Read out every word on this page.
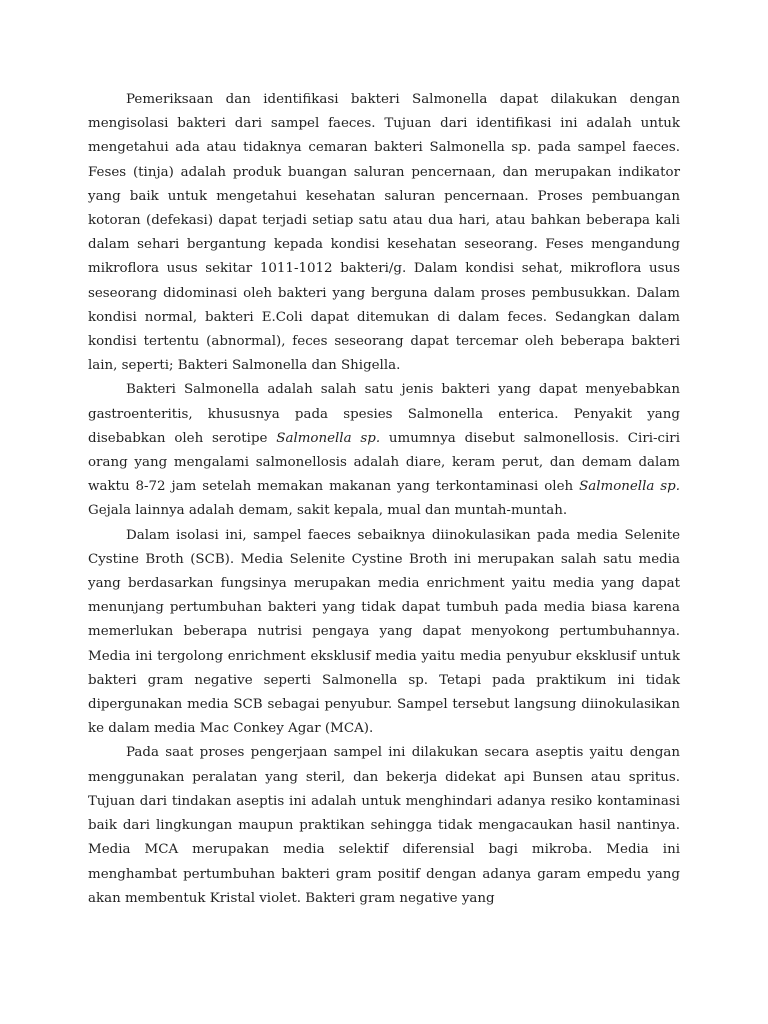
Pemeriksaan dan identifikasi bakteri Salmonella dapat dilakukan dengan mengisolasi bakteri dari sampel faeces. Tujuan dari identifikasi ini adalah untuk mengetahui ada atau tidaknya cemaran bakteri Salmonella sp. pada sampel faeces. Feses (tinja) adalah produk buangan saluran pencernaan, dan merupakan indikator yang baik untuk mengetahui kesehatan saluran pencernaan. Proses pembuangan kotoran (defekasi) dapat terjadi setiap satu atau dua hari, atau bahkan beberapa kali dalam sehari bergantung kepada kondisi kesehatan seseorang. Feses mengandung mikroflora usus sekitar 1011-1012 bakteri/g. Dalam kondisi sehat, mikroflora usus seseorang didominasi oleh bakteri yang berguna dalam proses pembusukkan. Dalam kondisi normal, bakteri E.Coli dapat ditemukan di dalam feces. Sedangkan dalam kondisi tertentu (abnormal), feces seseorang dapat tercemar oleh beberapa bakteri lain, seperti; Bakteri Salmonella dan Shigella.

Bakteri Salmonella adalah salah satu jenis bakteri yang dapat menyebabkan gastroenteritis, khususnya pada spesies Salmonella enterica. Penyakit yang disebabkan oleh serotipe Salmonella sp. umumnya disebut salmonellosis. Ciri-ciri orang yang mengalami salmonellosis adalah diare, keram perut, dan demam dalam waktu 8-72 jam setelah memakan makanan yang terkontaminasi oleh Salmonella sp. Gejala lainnya adalah demam, sakit kepala, mual dan muntah-muntah.

Dalam isolasi ini, sampel faeces sebaiknya diinokulasikan pada media Selenite Cystine Broth (SCB). Media Selenite Cystine Broth ini merupakan salah satu media yang berdasarkan fungsinya merupakan media enrichment yaitu media yang dapat menunjang pertumbuhan bakteri yang tidak dapat tumbuh pada media biasa karena memerlukan beberapa nutrisi pengaya yang dapat menyokong pertumbuhannya. Media ini tergolong enrichment eksklusif media yaitu media penyubur eksklusif untuk bakteri gram negative seperti Salmonella sp. Tetapi pada praktikum ini tidak dipergunakan media SCB sebagai penyubur. Sampel tersebut langsung diinokulasikan ke dalam media Mac Conkey Agar (MCA).

Pada saat proses pengerjaan sampel ini dilakukan secara aseptis yaitu dengan menggunakan peralatan yang steril, dan bekerja didekat api Bunsen atau spritus. Tujuan dari tindakan aseptis ini adalah untuk menghindari adanya resiko kontaminasi baik dari lingkungan maupun praktikan sehingga tidak mengacaukan hasil nantinya. Media MCA merupakan media selektif diferensial bagi mikroba. Media ini menghambat pertumbuhan bakteri gram positif dengan adanya garam empedu yang akan membentuk Kristal violet. Bakteri gram negative yang
